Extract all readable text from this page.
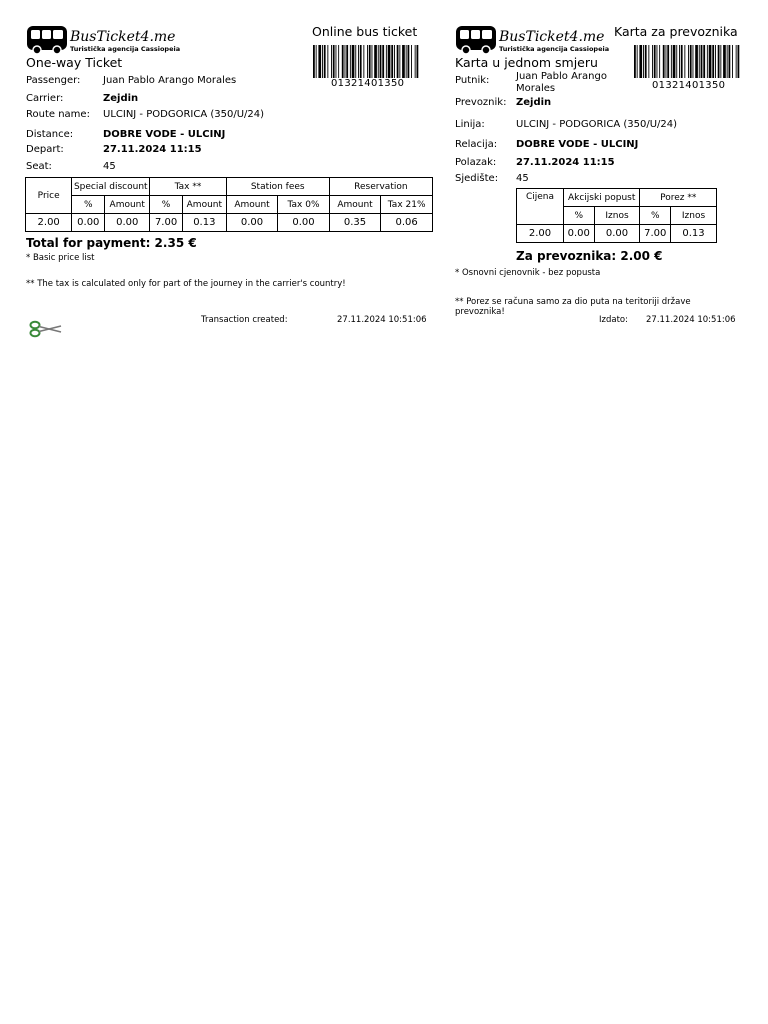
BusTicket4.me
Turistička agencija Cassiopeia
Online bus ticket
01321401350
One-way Ticket
Passenger: Juan Pablo Arango Morales
Carrier:	Zejdin
Route name: ULCINJ - PODGORICA (350/U/24)
Distance:	DOBRE VODE - ULCINJ
Depart:	27.11.2024 11:15
Seat:	45
Price	Special discount		Tax **		Station fees		Reservation	
	%	Amount	%	Amount	Amount	Tax 0%	Amount	Tax 21%
2.00	0.00	0.00	7.00	0.13	0.00	0.00	0.35	0.06
Total for payment: 2.35 €
* Basic price list
** The tax is calculated only for part of the journey in the carrier's country!
Transaction created:	27.11.2024 10:51:06
BusTicket4.me
Turistička agencija Cassiopeia
Karta za prevoznika
01321401350
Karta u jednom smjeru
Putnik:	Juan Pablo Arango Morales
Prevoznik: Zejdin
Linija:	ULCINJ - PODGORICA (350/U/24)
Relacija: DOBRE VODE - ULCINJ
Polazak: 27.11.2024 11:15
Sjedište: 45
Cijena	Akcijski popust		Porez **	
	%	Iznos	%	Iznos
2.00	0.00	0.00	7.00	0.13
Za prevoznika: 2.00 €
* Osnovni cjenovnik - bez popusta
** Porez se računa samo za dio puta na teritoriji države
prevoznika!
Izdato: 27.11.2024 10:51:06
